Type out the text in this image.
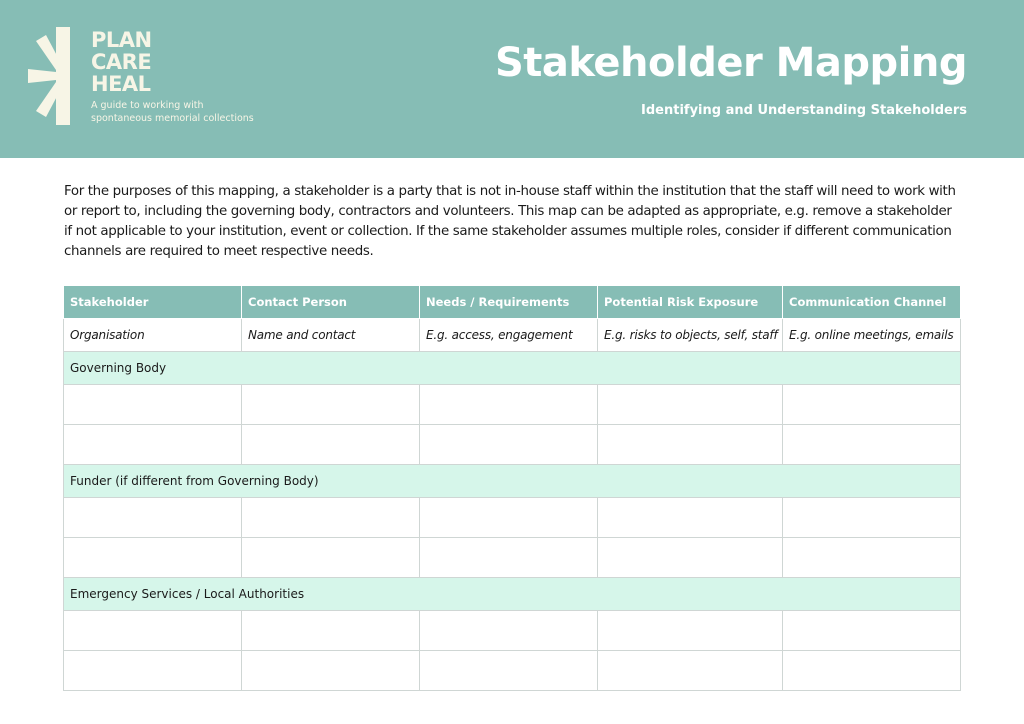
PLAN
CARE
HEAL
A guide to working with
spontaneous memorial collections
Stakeholder Mapping
Identifying and Understanding Stakeholders

For the purposes of this mapping, a stakeholder is a party that is not in-house staff within the institution that the staff will need to work with or report to, including the governing body, contractors and volunteers. This map can be adapted as appropriate, e.g. remove a stakeholder if not applicable to your institution, event or collection. If the same stakeholder assumes multiple roles, consider if different communication channels are required to meet respective needs.

Stakeholder	Contact Person	Needs / Requirements	Potential Risk Exposure	Communication Channel
Organisation	Name and contact	E.g. access, engagement	E.g. risks to objects, self, staff	E.g. online meetings, emails
Governing Body				

Funder (if different from Governing Body)				

Emergency Services / Local Authorities				
